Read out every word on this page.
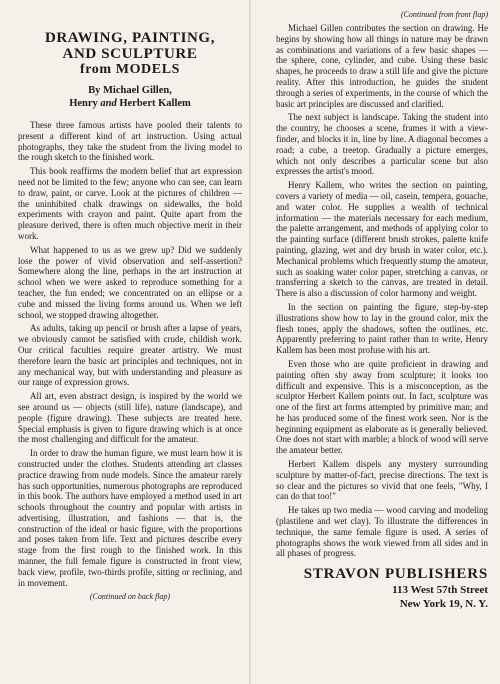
DRAWING, PAINTING,
AND SCULPTURE
from MODELS
By Michael Gillen,
Henry and Herbert Kallem

These three famous artists have pooled their talents to present a different kind of art instruction. Using actual photographs, they take the student from the living model to the rough sketch to the finished work.

This book reaffirms the modern belief that art expression need not be limited to the few; anyone who can see, can learn to draw, paint, or carve. Look at the pictures of children — the uninhibited chalk drawings on sidewalks, the bold experiments with crayon and paint. Quite apart from the pleasure derived, there is often much objective merit in their work.

What happened to us as we grew up? Did we suddenly lose the power of vivid observation and self-assertion? Somewhere along the line, perhaps in the art instruction at school when we were asked to reproduce something for a teacher, the fun ended; we concentrated on an ellipse or a cube and missed the living forms around us. When we left school, we stopped drawing altogether.

As adults, taking up pencil or brush after a lapse of years, we obviously cannot be satisfied with crude, childish work. Our critical faculties require greater artistry. We must therefore learn the basic art principles and techniques, not in any mechanical way, but with understanding and pleasure as our range of expression grows.

All art, even abstract design, is inspired by the world we see around us — objects (still life), nature (landscape), and people (figure drawing). These subjects are treated here. Special emphasis is given to figure drawing which is at once the most challenging and difficult for the amateur.

In order to draw the human figure, we must learn how it is constructed under the clothes. Students attending art classes practice drawing from nude models. Since the amateur rarely has such opportunities, numerous photographs are reproduced in this book. The authors have employed a method used in art schools throughout the country and popular with artists in advertising, illustration, and fashions — that is, the construction of the ideal or basic figure, with the proportions and poses taken from life. Text and pictures describe every stage from the first rough to the finished work. In this manner, the full female figure is constructed in front view, back view, profile, two-thirds profile, sitting or reclining, and in movement.

(Continued on back flap)
(Continued from front flap)

Michael Gillen contributes the section on drawing. He begins by showing how all things in nature may be drawn as combinations and variations of a few basic shapes — the sphere, cone, cylinder, and cube. Using these basic shapes, he proceeds to draw a still life and give the picture reality. After this introduction, he guides the student through a series of experiments, in the course of which the basic art principles are discussed and clarified.

The next subject is landscape. Taking the student into the country, he chooses a scene, frames it with a view-finder, and blocks it in, line by line. A diagonal becomes a road; a cube, a treetop. Gradually a picture emerges, which not only describes a particular scene but also expresses the artist's mood.

Henry Kallem, who writes the section on painting, covers a variety of media — oil, casein, tempera, gouache, and water color. He supplies a wealth of technical information — the materials necessary for each medium, the palette arrangement, and methods of applying color to the painting surface (different brush strokes, palette knife painting, glazing, wet and dry brush in water color, etc.). Mechanical problems which frequently stump the amateur, such as soaking water color paper, stretching a canvas, or transferring a sketch to the canvas, are treated in detail. There is also a discussion of color harmony and weight.

In the section on painting the figure, step-by-step illustrations show how to lay in the ground color, mix the flesh tones, apply the shadows, soften the outlines, etc. Apparently preferring to paint rather than to write, Henry Kallem has been most profuse with his art.

Even those who are quite proficient in drawing and painting often shy away from sculpture; it looks too difficult and expensive. This is a misconception, as the sculptor Herbert Kallem points out. In fact, sculpture was one of the first art forms attempted by primitive man; and he has produced some of the finest work seen. Nor is the beginning equipment as elaborate as is generally believed. One does not start with marble; a block of wood will serve the amateur better.

Herbert Kallem dispels any mystery surrounding sculpture by matter-of-fact, precise directions. The text is so clear and the pictures so vivid that one feels, "Why, I can do that too!"

He takes up two media — wood carving and modeling (plastilene and wet clay). To illustrate the differences in technique, the same female figure is used. A series of photographs shows the work viewed from all sides and in all phases of progress.

STRAVON PUBLISHERS
113 West 57th Street
New York 19, N. Y.
